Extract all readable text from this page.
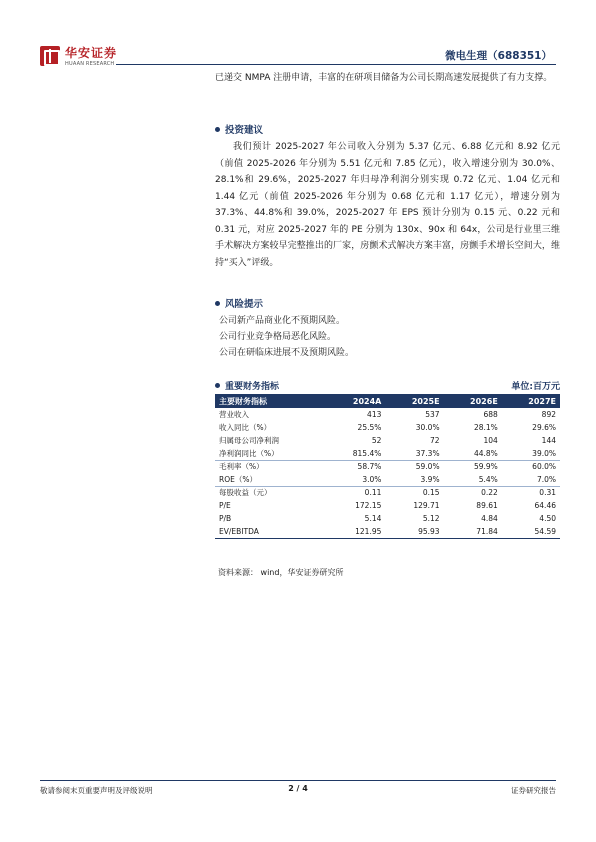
华安证券
HUAAN RESEARCH
微电生理（688351）

已递交 NMPA 注册申请，丰富的在研项目储备为公司长期高速发展提供了有力支撑。

投资建议

我们预计 2025-2027 年公司收入分别为 5.37 亿元、6.88 亿元和 8.92 亿元（前值 2025-2026 年分别为 5.51 亿元和 7.85 亿元），收入增速分别为 30.0%、28.1%和 29.6%，2025-2027 年归母净利润分别实现 0.72 亿元、1.04 亿元和 1.44 亿元（前值 2025-2026 年分别为 0.68 亿元和 1.17 亿元），增速分别为 37.3%、44.8%和 39.0%，2025-2027 年 EPS 预计分别为 0.15 元、0.22 元和 0.31 元，对应 2025-2027 年的 PE 分别为 130x、90x 和 64x，公司是行业里三维手术解决方案较早完整推出的厂家，房颤术式解决方案丰富，房颤手术增长空间大，维持“买入”评级。

风险提示
公司新产品商业化不预期风险。
公司行业竞争格局恶化风险。
公司在研临床进展不及预期风险。
重要财务指标	单位:百万元
主要财务指标	2024A	2025E	2026E	2027E
营业收入	413	537	688	892
收入同比（%）	25.5%	30.0%	28.1%	29.6%
归属母公司净利润	52	72	104	144
净利润同比（%）	815.4%	37.3%	44.8%	39.0%
毛利率（%）	58.7%	59.0%	59.9%	60.0%
ROE（%）	3.0%	3.9%	5.4%	7.0%
每股收益（元）	0.11	0.15	0.22	0.31
P/E	172.15	129.71	89.61	64.46
P/B	5.14	5.12	4.84	4.50
EV/EBITDA	121.95	95.93	71.84	54.59
资料来源： wind，华安证券研究所
敬请参阅末页重要声明及评级说明	2 / 4	证券研究报告
